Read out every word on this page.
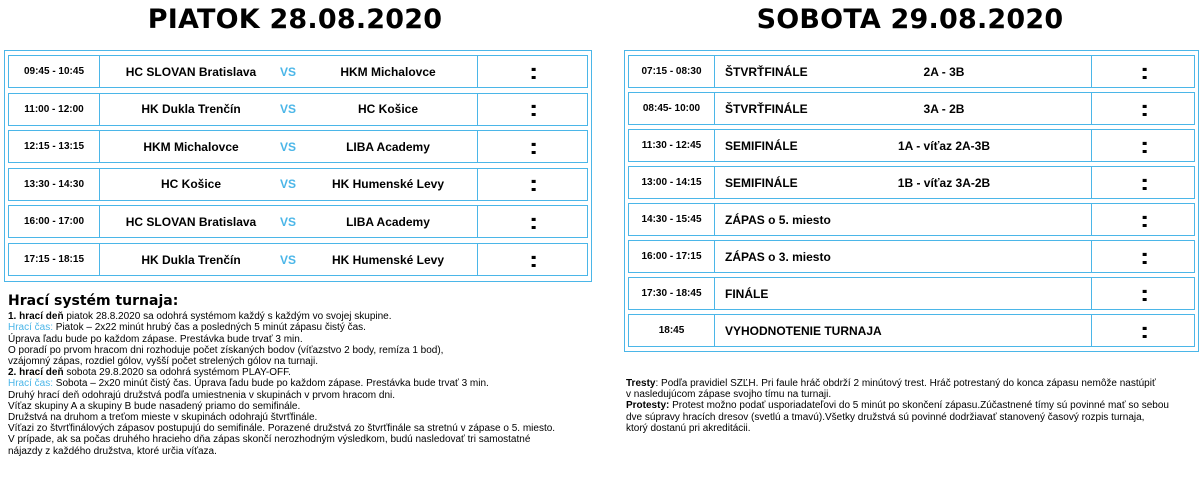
PIATOK 28.08.2020	SOBOTA 29.08.2020
09:45 - 10:45	HC SLOVAN Bratislava	VS	HKM Michalovce	:
11:00 - 12:00	HK Dukla Trenčín	VS	HC Košice	:
12:15 - 13:15	HKM Michalovce	VS	LIBA Academy	:
13:30 - 14:30	HC Košice	VS	HK Humenské Levy	:
16:00 - 17:00	HC SLOVAN Bratislava	VS	LIBA Academy	:
17:15 - 18:15	HK Dukla Trenčín	VS	HK Humenské Levy	:
07:15 - 08:30	ŠTVRŤFINÁLE	2A - 3B	:
08:45- 10:00	ŠTVRŤFINÁLE	3A - 2B	:
11:30 - 12:45	SEMIFINÁLE	1A - víťaz 2A-3B	:
13:00 - 14:15	SEMIFINÁLE	1B - víťaz 3A-2B	:
14:30 - 15:45	ZÁPAS o 5. miesto	:
16:00 - 17:15	ZÁPAS o 3. miesto	:
17:30 - 18:45	FINÁLE	:
18:45	VYHODNOTENIE TURNAJA	:
Hrací systém turnaja:
1. hrací deň piatok 28.8.2020 sa odohrá systémom každý s každým vo svojej skupine.
Hrací čas: Piatok – 2x22 minút hrubý čas a posledných 5 minút zápasu čistý čas.
Úprava ľadu bude po každom zápase. Prestávka bude trvať 3 min.
O poradí po prvom hracom dni rozhoduje počet získaných bodov (víťazstvo 2 body, remíza 1 bod),
vzájomný zápas, rozdiel gólov, vyšší počet strelených gólov na turnaji.
2. hrací deň sobota 29.8.2020 sa odohrá systémom PLAY-OFF.
Hrací čas: Sobota – 2x20 minút čistý čas. Úprava ľadu bude po každom zápase. Prestávka bude trvať 3 min.
Druhý hrací deň odohrajú družstvá podľa umiestnenia v skupinách v prvom hracom dni.
Víťaz skupiny A a skupiny B bude nasadený priamo do semifinále.
Družstvá na druhom a treťom mieste v skupinách odohrajú štvrťfinále.
Víťazi zo štvrťfinálových zápasov postupujú do semifinále. Porazené družstvá zo štvrťfinále sa stretnú v zápase o 5. miesto.
V prípade, ak sa počas druhého hracieho dňa zápas skončí nerozhodným výsledkom, budú nasledovať tri samostatné
nájazdy z každého družstva, ktoré určia víťaza.
Tresty: Podľa pravidiel SZĽH. Pri faule hráč obdrží 2 minútový trest. Hráč potrestaný do konca zápasu nemôže nastúpiť
v nasledujúcom zápase svojho tímu na turnaji.
Protesty: Protest možno podať usporiadateľovi do 5 minút po skončení zápasu.Zúčastnené tímy sú povinné mať so sebou
dve súpravy hracích dresov (svetlú a tmavú).Všetky družstvá sú povinné dodržiavať stanovený časový rozpis turnaja,
ktorý dostanú pri akreditácii.
